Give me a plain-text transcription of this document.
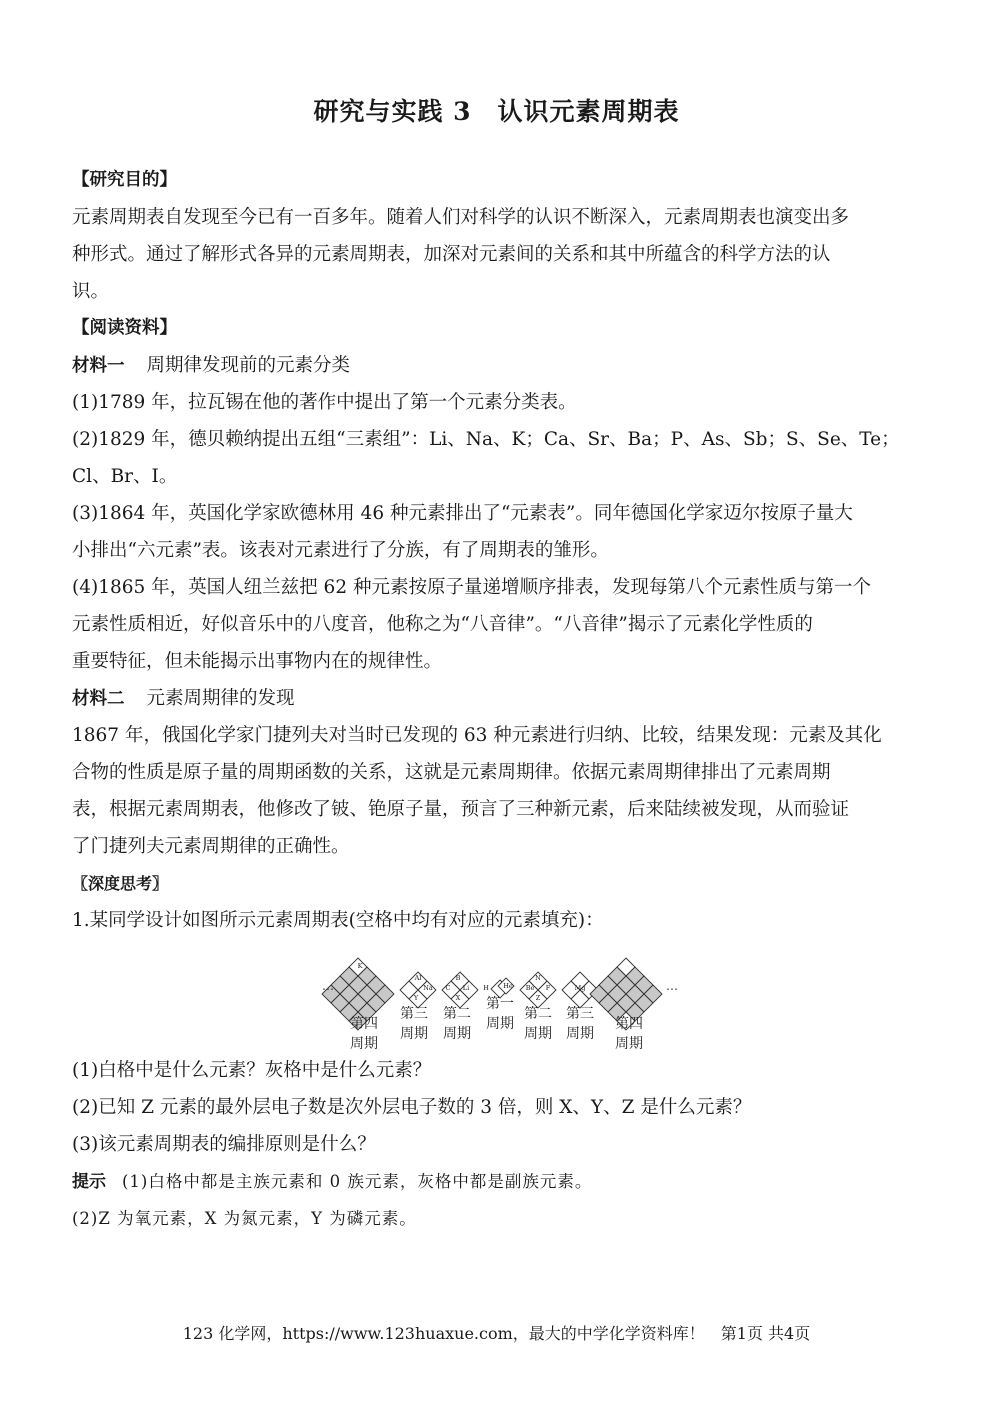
研究与实践 3　认识元素周期表
【研究目的】
元素周期表自发现至今已有一百多年。随着人们对科学的认识不断深入，元素周期表也演变出多
种形式。通过了解形式各异的元素周期表，加深对元素间的关系和其中所蕴含的科学方法的认
识。
【阅读资料】
材料一 周期律发现前的元素分类
(1)1789 年，拉瓦锡在他的著作中提出了第一个元素分类表。
(2)1829 年，德贝赖纳提出五组“三素组”：Li、Na、K；Ca、Sr、Ba；P、As、Sb；S、Se、Te；
Cl、Br、I。
(3)1864 年，英国化学家欧德林用 46 种元素排出了“元素表”。同年德国化学家迈尔按原子量大
小排出“六元素”表。该表对元素进行了分族，有了周期表的雏形。
(4)1865 年，英国人纽兰兹把 62 种元素按原子量递增顺序排表，发现每第八个元素性质与第一个
元素性质相近，好似音乐中的八度音，他称之为“八音律”。“八音律”揭示了元素化学性质的
重要特征，但未能揭示出事物内在的规律性。
材料二 元素周期律的发现
1867 年，俄国化学家门捷列夫对当时已发现的 63 种元素进行归纳、比较，结果发现：元素及其化
合物的性质是原子量的周期函数的关系，这就是元素周期律。依据元素周期律排出了元素周期
表，根据元素周期表，他修改了铍、铯原子量，预言了三种新元素，后来陆续被发现，从而验证
了门捷列夫元素周期律的正确性。
〖深度思考〗
1.某同学设计如图所示元素周期表(空格中均有对应的元素填充)：
(1)白格中是什么元素？灰格中是什么元素？
(2)已知 Z 元素的最外层电子数是次外层电子数的 3 倍，则 X、Y、Z 是什么元素？
(3)该元素周期表的编排原则是什么？
提示 (1)白格中都是主族元素和 0 族元素，灰格中都是副族元素。
(2)Z 为氧元素，X 为氮元素，Y 为磷元素。
…	…
K
Al
Y
Na
B
C Li
X
H He Be
N
Z
F	Mg
第四
周期
第三
周期
第二
周期
第一
周期
第二
周期
第三
周期
第四
周期
123 化学网，https://www.123huaxue.com，最大的中学化学资料库！　第1页 共4页
